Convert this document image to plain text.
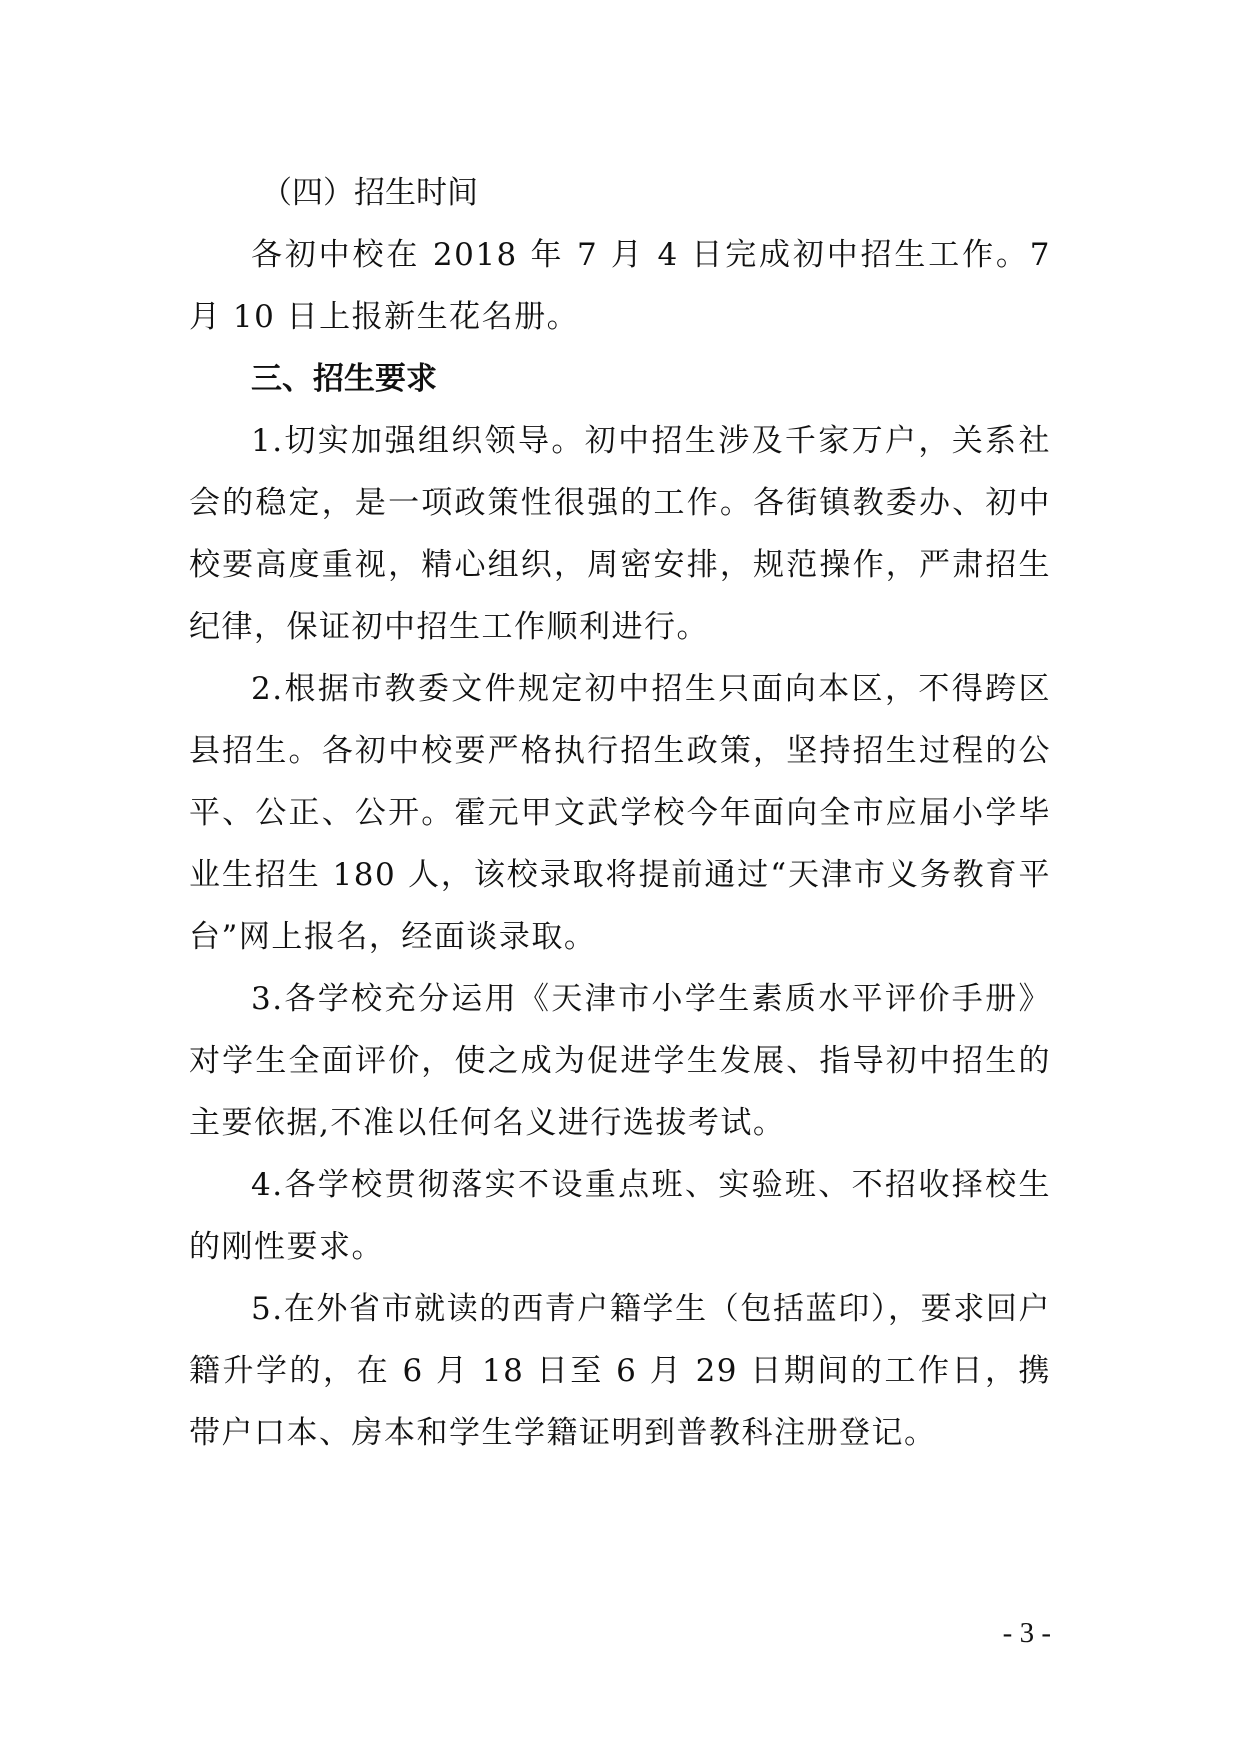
（四）招生时间

各初中校在 2018 年 7 月 4 日完成初中招生工作。7 月 10 日上报新生花名册。

三、招生要求

1.切实加强组织领导。初中招生涉及千家万户，关系社会的稳定，是一项政策性很强的工作。各街镇教委办、初中校要高度重视，精心组织，周密安排，规范操作，严肃招生纪律，保证初中招生工作顺利进行。

2.根据市教委文件规定初中招生只面向本区，不得跨区县招生。各初中校要严格执行招生政策，坚持招生过程的公平、公正、公开。霍元甲文武学校今年面向全市应届小学毕业生招生 180 人，该校录取将提前通过“天津市义务教育平台”网上报名，经面谈录取。

3.各学校充分运用《天津市小学生素质水平评价手册》对学生全面评价，使之成为促进学生发展、指导初中招生的主要依据,不准以任何名义进行选拔考试。

4.各学校贯彻落实不设重点班、实验班、不招收择校生的刚性要求。

5.在外省市就读的西青户籍学生（包括蓝印），要求回户籍升学的，在 6 月 18 日至 6 月 29 日期间的工作日，携带户口本、房本和学生学籍证明到普教科注册登记。

- 3 -
